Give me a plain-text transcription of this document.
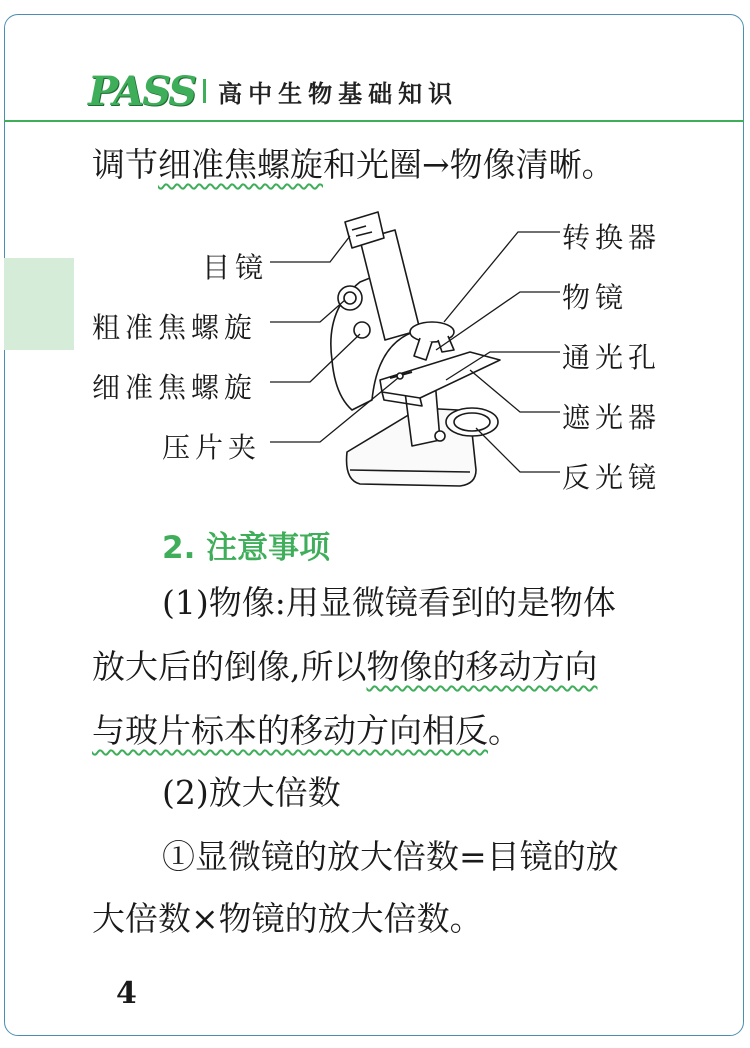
PASS 高中生物基础知识
调节细准焦螺旋和光圈→物像清晰。
目镜
粗准焦螺旋
细准焦螺旋
压片夹
转换器
物镜
通光孔
遮光器
反光镜
2. 注意事项
(1)物像:用显微镜看到的是物体
放大后的倒像,所以物像的移动方向
与玻片标本的移动方向相反。
(2)放大倍数
①显微镜的放大倍数=目镜的放
大倍数×物镜的放大倍数。
4
